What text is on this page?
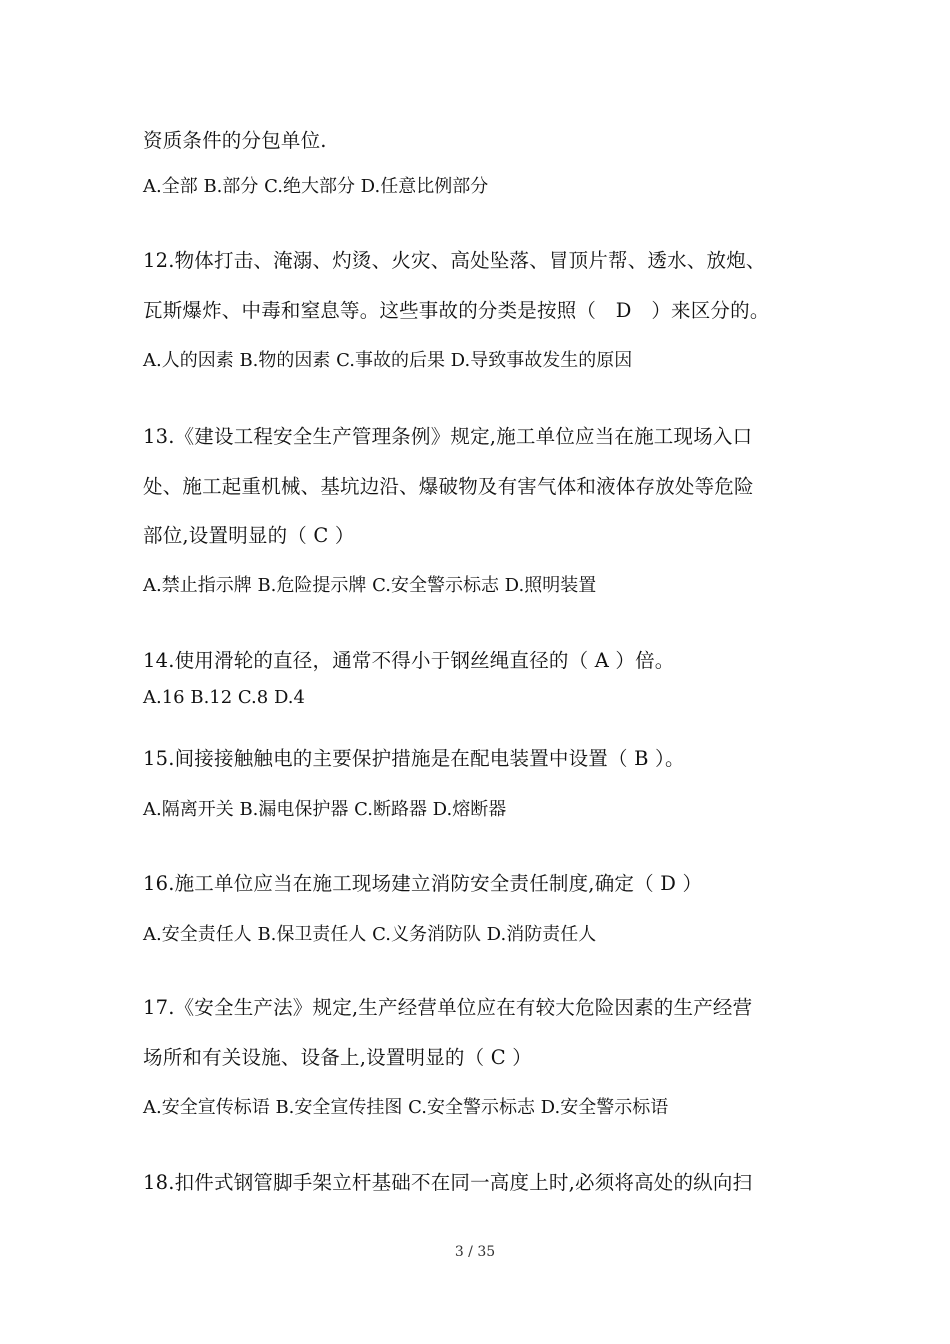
资质条件的分包单位.
A.全部 B.部分 C.绝大部分 D.任意比例部分
12.物体打击、淹溺、灼烫、火灾、高处坠落、冒顶片帮、透水、放炮、
瓦斯爆炸、中毒和窒息等。这些事故的分类是按照（　D　）来区分的。
A.人的因素 B.物的因素 C.事故的后果 D.导致事故发生的原因
13.《建设工程安全生产管理条例》规定,施工单位应当在施工现场入口
处、施工起重机械、基坑边沿、爆破物及有害气体和液体存放处等危险
部位,设置明显的（ C ）
A.禁止指示牌 B.危险提示牌 C.安全警示标志 D.照明装置
14.使用滑轮的直径，通常不得小于钢丝绳直径的（ A ）倍。
A.16 B.12 C.8 D.4
15.间接接触触电的主要保护措施是在配电装置中设置（ B ）。
A.隔离开关 B.漏电保护器 C.断路器 D.熔断器
16.施工单位应当在施工现场建立消防安全责任制度,确定（ D ）
A.安全责任人 B.保卫责任人 C.义务消防队 D.消防责任人
17.《安全生产法》规定,生产经营单位应在有较大危险因素的生产经营
场所和有关设施、设备上,设置明显的（ C ）
A.安全宣传标语 B.安全宣传挂图 C.安全警示标志 D.安全警示标语
18.扣件式钢管脚手架立杆基础不在同一高度上时,必须将高处的纵向扫
3 / 35
